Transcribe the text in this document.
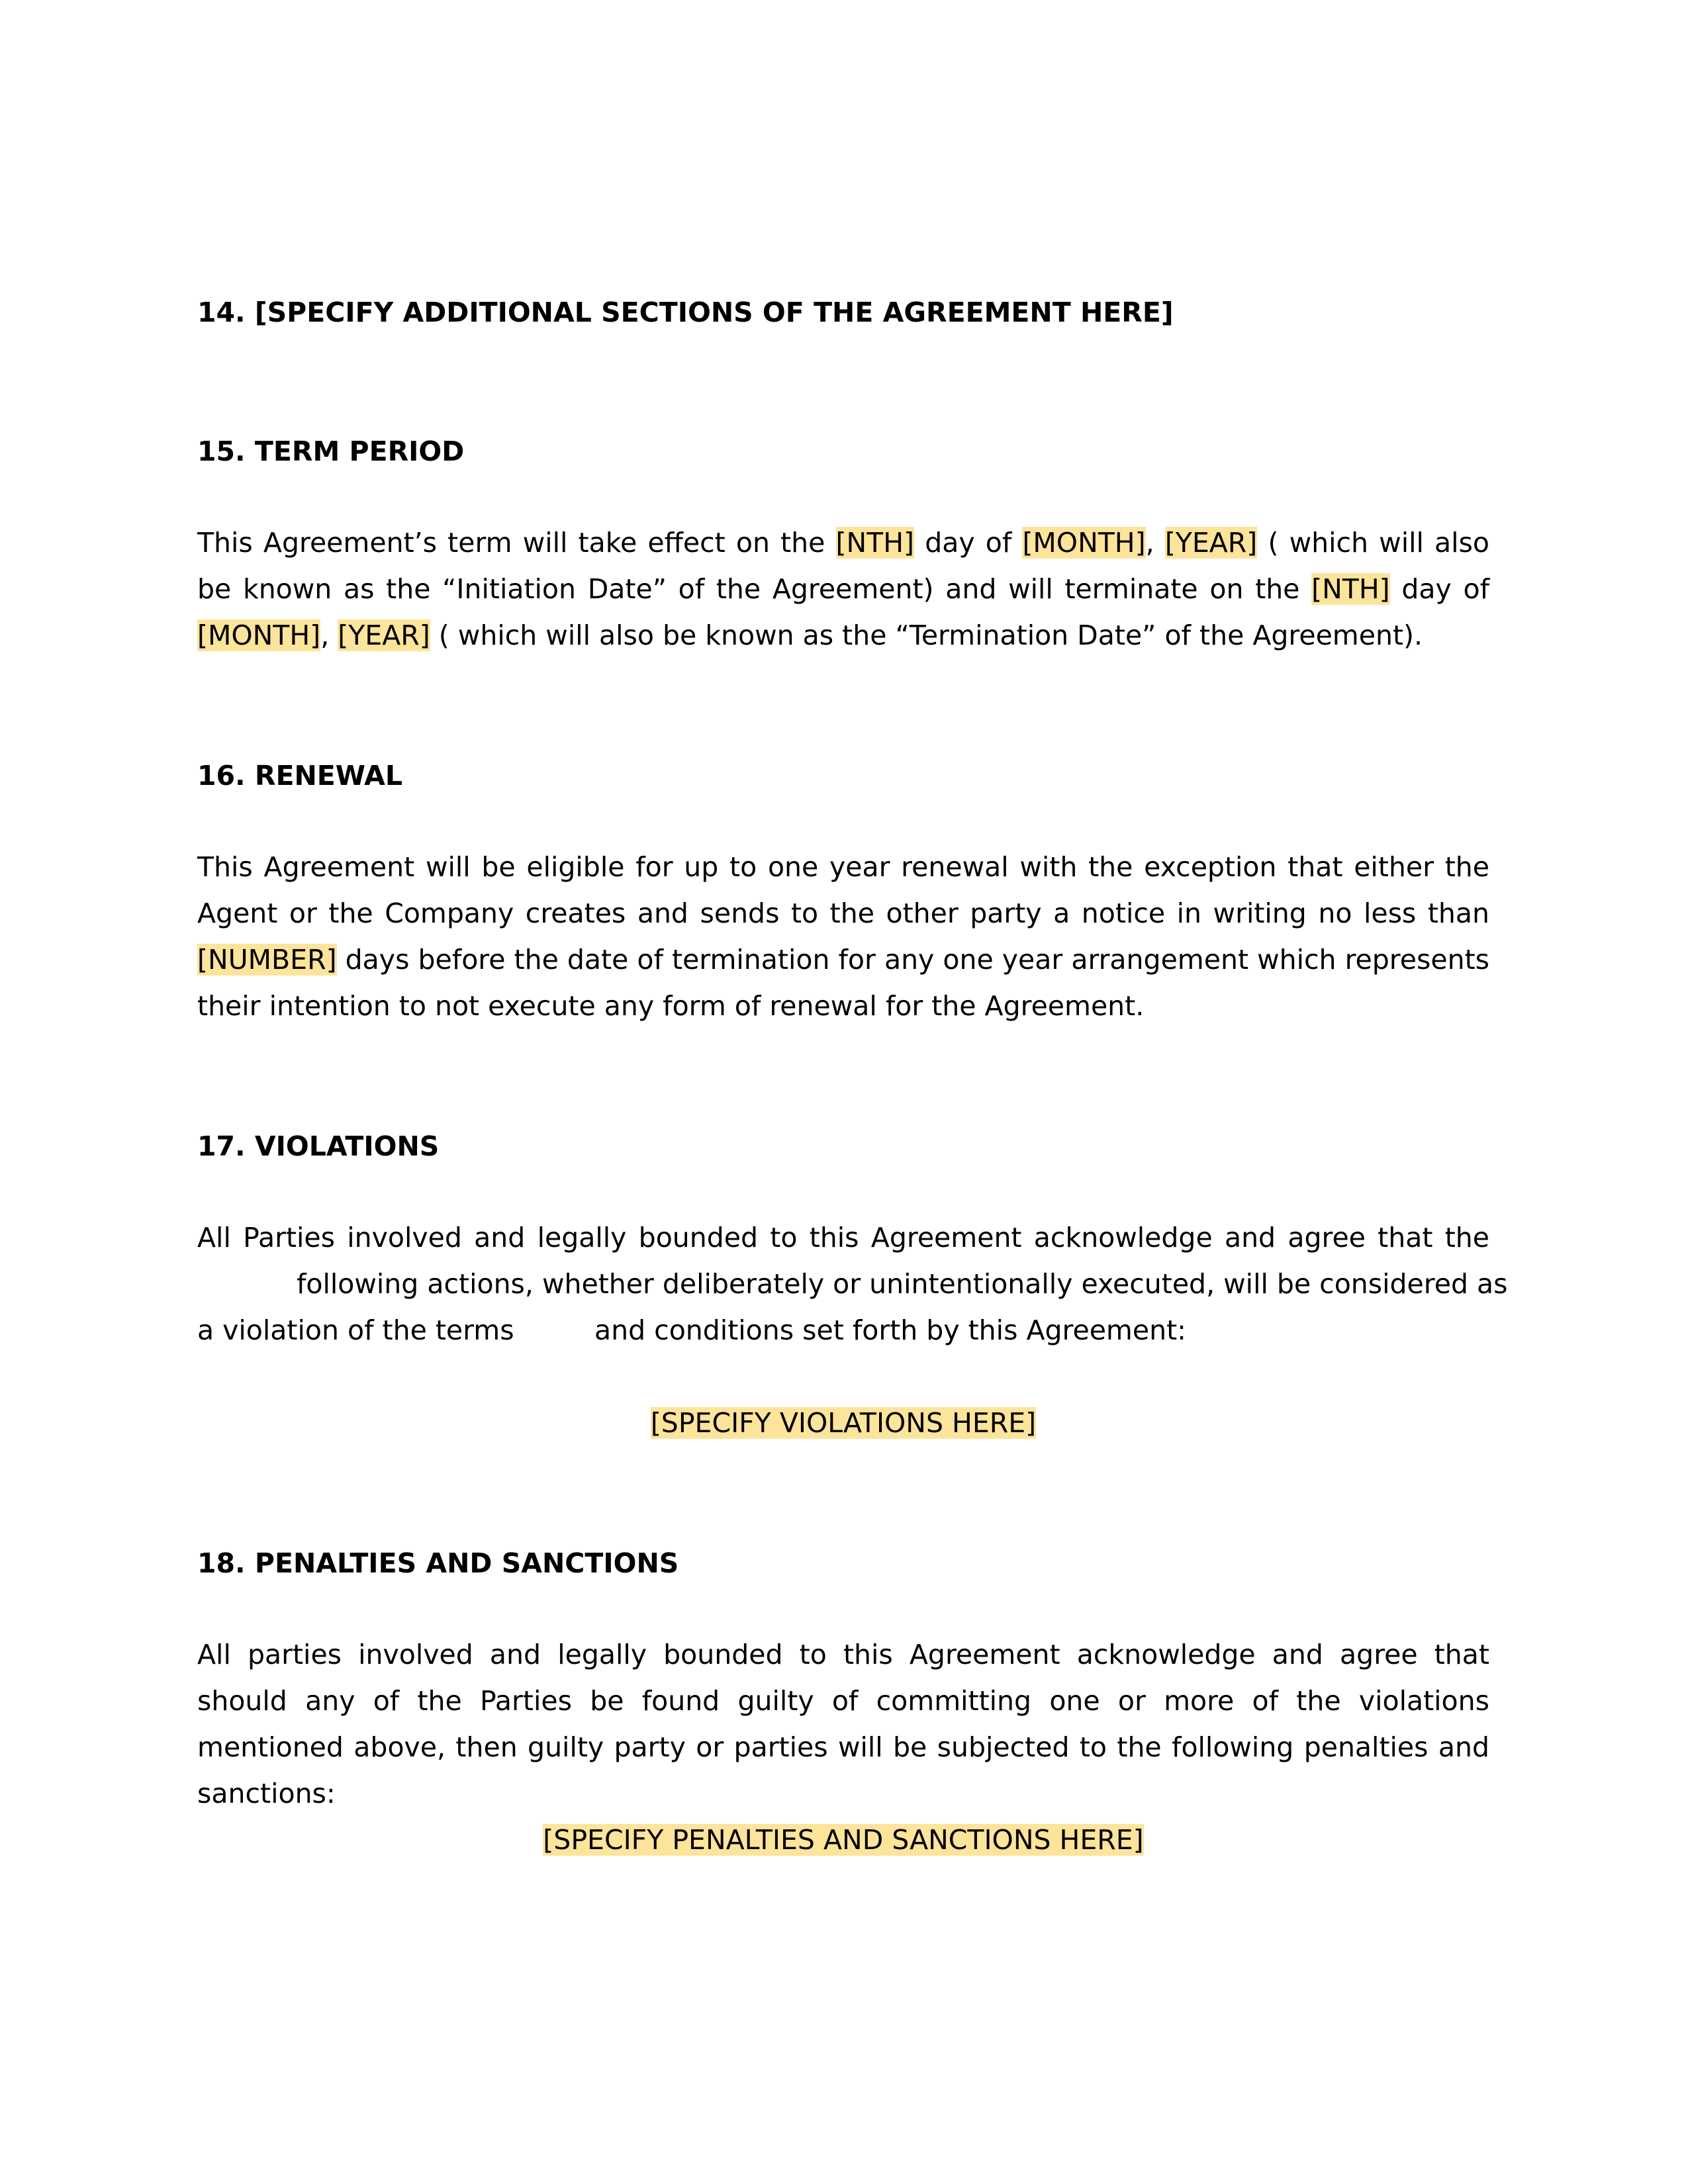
14. [SPECIFY ADDITIONAL SECTIONS OF THE AGREEMENT HERE]
15. TERM PERIOD
This Agreement’s term will take effect on the [NTH] day of [MONTH], [YEAR] ( which will also be known as the “Initiation Date” of the Agreement) and will terminate on the [NTH] day of [MONTH], [YEAR] ( which will also be known as the “Termination Date” of the Agreement).
16. RENEWAL
This Agreement will be eligible for up to one year renewal with the exception that either the Agent or the Company creates and sends to the other party a notice in writing no less than [NUMBER] days before the date of termination for any one year arrangement which represents their intention to not execute any form of renewal for the Agreement.
17. VIOLATIONS
All Parties involved and legally bounded to this Agreement acknowledge and agree that the
following actions, whether deliberately or unintentionally executed, will be considered as
a violation of the terms	and conditions set forth by this Agreement:
[SPECIFY VIOLATIONS HERE]
18. PENALTIES AND SANCTIONS
All parties involved and legally bounded to this Agreement acknowledge and agree that should any of the Parties be found guilty of committing one or more of the violations mentioned above, then guilty party or parties will be subjected to the following penalties and sanctions:
[SPECIFY PENALTIES AND SANCTIONS HERE]
